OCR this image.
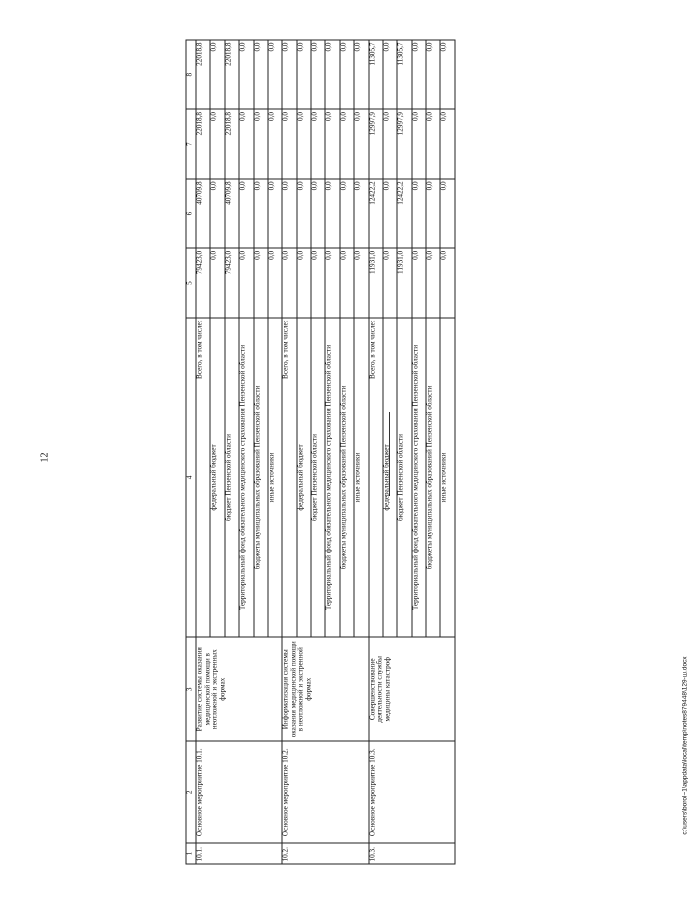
12
1	2	3	4	5	6	7	8
10.1.	Основное мероприятие 10.1.	Развитие системы оказания медицинской помощи в неотложной и экстренных формах	Всего, в том числе:	79423,0	40709,8	22018,8	22018,8
			федеральный бюджет	0,0	0,0	0,0	0,0
			бюджет Пензенской области	79423,0	40709,8	22018,8	22018,8
			Территориальный фонд обязательного медицинского страхования Пензенской области	0,0	0,0	0,0	0,0
			бюджеты муниципальных образований Пензенской области	0,0	0,0	0,0	0,0
			иные источники	0,0	0,0	0,0	0,0
10.2.	Основное мероприятие 10.2.	Информатизация системы оказания медицинской помощи в неотложной и экстренной формах	Всего, в том числе:	0,0	0,0	0,0	0,0
			федеральный бюджет	0,0	0,0	0,0	0,0
			бюджет Пензенской области	0,0	0,0	0,0	0,0
			Территориальный фонд обязательного медицинского страхования Пензенской области	0,0	0,0	0,0	0,0
			бюджеты муниципальных образований Пензенской области	0,0	0,0	0,0	0,0
			иные источники	0,0	0,0	0,0	0,0
10.3.	Основное мероприятие 10.3.	Совершенствование деятельности службы медицины катастроф	Всего, в том числе:	11931,0	12422,2	12997,9	11305,7
			федеральный бюджет	0,0	0,0	0,0	0,0
			бюджет Пензенской области	11931,0	12422,2	12997,9	11305,7
			Территориальный фонд обязательного медицинского страхования Пензенской области	0,0	0,0	0,0	0,0
			бюджеты муниципальных образований Пензенской области	0,0	0,0	0,0	0,0
			иные источники	0,0	0,0	0,0	0,0
c:\users\borol~1\appdata\local\temp\notes879448\129-ш.docx
